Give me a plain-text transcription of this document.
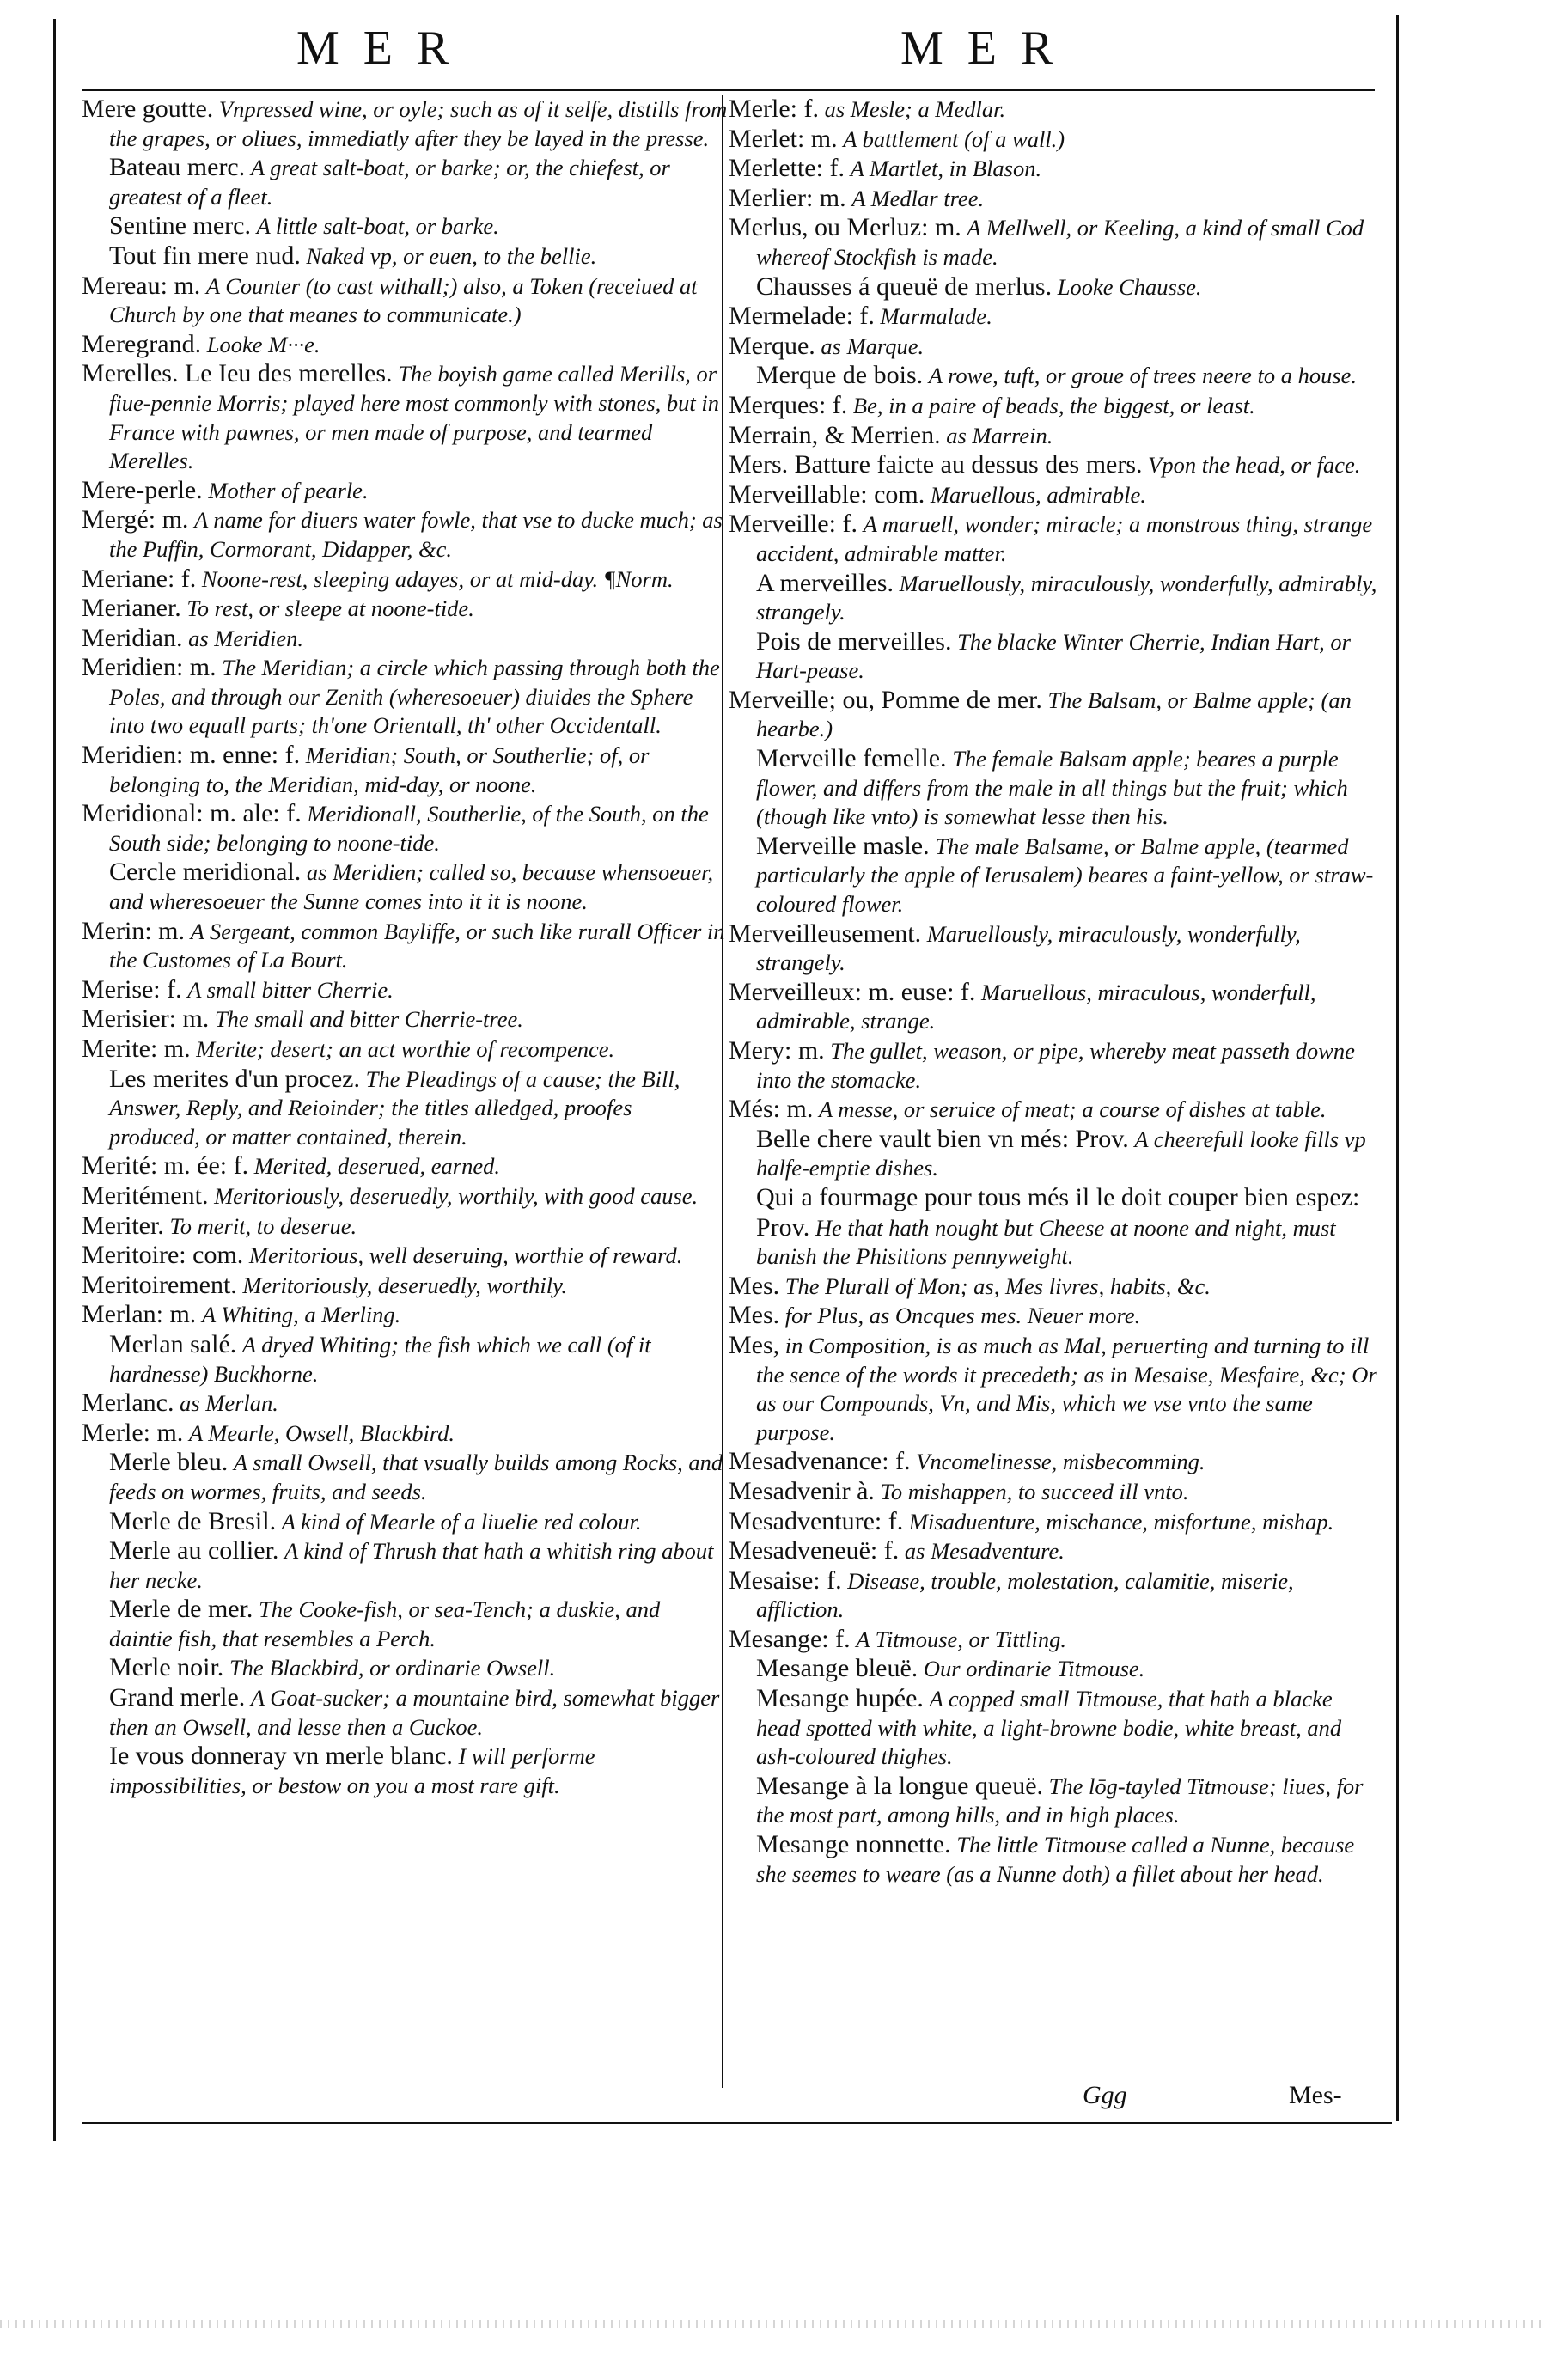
MER	MER

Mere goutte. Vnpressed wine, or oyle; such as of it selfe, distills from the grapes, or oliues, immediatly after they be layed in the presse.

Bateau merc. A great salt-boat, or barke; or, the chiefest, or greatest of a fleet.

Sentine merc. A little salt-boat, or barke.

Tout fin mere nud. Naked vp, or euen, to the bellie.

Mereau: m. A Counter (to cast withall;) also, a Token (receiued at Church by one that meanes to communicate.)

Meregrand. Looke M···e.

Merelles. Le Ieu des merelles. The boyish game called Merills, or fiue-pennie Morris; played here most commonly with stones, but in France with pawnes, or men made of purpose, and tearmed Merelles.

Mere-perle. Mother of pearle.

Mergé: m. A name for diuers water fowle, that vse to ducke much; as the Puffin, Cormorant, Didapper, &c.

Meriane: f. Noone-rest, sleeping adayes, or at mid-day. ¶Norm.

Merianer. To rest, or sleepe at noone-tide.

Meridian. as Meridien.

Meridien: m. The Meridian; a circle which passing through both the Poles, and through our Zenith (wheresoeuer) diuides the Sphere into two equall parts; th'one Orientall, th' other Occidentall.

Meridien: m. enne: f. Meridian; South, or Southerlie; of, or belonging to, the Meridian, mid-day, or noone.

Meridional: m. ale: f. Meridionall, Southerlie, of the South, on the South side; belonging to noone-tide.

Cercle meridional. as Meridien; called so, because whensoeuer, and wheresoeuer the Sunne comes into it it is noone.

Merin: m. A Sergeant, common Bayliffe, or such like rurall Officer in the Customes of La Bourt.

Merise: f. A small bitter Cherrie.

Merisier: m. The small and bitter Cherrie-tree.

Merite: m. Merite; desert; an act worthie of recompence.

Les merites d'un procez. The Pleadings of a cause; the Bill, Answer, Reply, and Reioinder; the titles alledged, proofes produced, or matter contained, therein.

Merité: m. ée: f. Merited, deserued, earned.

Meritément. Meritoriously, deseruedly, worthily, with good cause.

Meriter. To merit, to deserue.

Meritoire: com. Meritorious, well deseruing, worthie of reward.

Meritoirement. Meritoriously, deseruedly, worthily.

Merlan: m. A Whiting, a Merling.

Merlan salé. A dryed Whiting; the fish which we call (of it hardnesse) Buckhorne.

Merlanc. as Merlan.

Merle: m. A Mearle, Owsell, Blackbird.

Merle bleu. A small Owsell, that vsually builds among Rocks, and feeds on wormes, fruits, and seeds.

Merle de Bresil. A kind of Mearle of a liuelie red colour.

Merle au collier. A kind of Thrush that hath a whitish ring about her necke.

Merle de mer. The Cooke-fish, or sea-Tench; a duskie, and daintie fish, that resembles a Perch.

Merle noir. The Blackbird, or ordinarie Owsell.

Grand merle. A Goat-sucker; a mountaine bird, somewhat bigger then an Owsell, and lesse then a Cuckoe.

Ie vous donneray vn merle blanc. I will performe impossibilities, or bestow on you a most rare gift.

Merle: f. as Mesle; a Medlar.

Merlet: m. A battlement (of a wall.)

Merlette: f. A Martlet, in Blason.

Merlier: m. A Medlar tree.

Merlus, ou Merluz: m. A Mellwell, or Keeling, a kind of small Cod whereof Stockfish is made.

Chausses á queuë de merlus. Looke Chausse.

Mermelade: f. Marmalade.

Merque. as Marque.

Merque de bois. A rowe, tuft, or groue of trees neere to a house.

Merques: f. Be, in a paire of beads, the biggest, or least.

Merrain, & Merrien. as Marrein.

Mers. Batture faicte au dessus des mers. Vpon the head, or face.

Merveillable: com. Maruellous, admirable.

Merveille: f. A maruell, wonder; miracle; a monstrous thing, strange accident, admirable matter.

A merveilles. Maruellously, miraculously, wonderfully, admirably, strangely.

Pois de merveilles. The blacke Winter Cherrie, Indian Hart, or Hart-pease.

Merveille; ou, Pomme de mer. The Balsam, or Balme apple; (an hearbe.)

Merveille femelle. The female Balsam apple; beares a purple flower, and differs from the male in all things but the fruit; which (though like vnto) is somewhat lesse then his.

Merveille masle. The male Balsame, or Balme apple, (tearmed particularly the apple of Ierusalem) beares a faint-yellow, or straw-coloured flower.

Merveilleusement. Maruellously, miraculously, wonderfully, strangely.

Merveilleux: m. euse: f. Maruellous, miraculous, wonderfull, admirable, strange.

Mery: m. The gullet, weason, or pipe, whereby meat passeth downe into the stomacke.

Més: m. A messe, or seruice of meat; a course of dishes at table.

Belle chere vault bien vn més: Prov. A cheerefull looke fills vp halfe-emptie dishes.

Qui a fourmage pour tous més il le doit couper bien espez: Prov. He that hath nought but Cheese at noone and night, must banish the Phisitions pennyweight.

Mes. The Plurall of Mon; as, Mes livres, habits, &c.

Mes. for Plus, as Oncques mes. Neuer more.

Mes, in Composition, is as much as Mal, peruerting and turning to ill the sence of the words it precedeth; as in Mesaise, Mesfaire, &c; Or as our Compounds, Vn, and Mis, which we vse vnto the same purpose.

Mesadvenance: f. Vncomelinesse, misbecomming.

Mesadvenir à. To mishappen, to succeed ill vnto.

Mesadventure: f. Misaduenture, mischance, misfortune, mishap.

Mesadveneuë: f. as Mesadventure.

Mesaise: f. Disease, trouble, molestation, calamitie, miserie, affliction.

Mesange: f. A Titmouse, or Tittling.

Mesange bleuë. Our ordinarie Titmouse.

Mesange hupée. A copped small Titmouse, that hath a blacke head spotted with white, a light-browne bodie, white breast, and ash-coloured thighes.

Mesange à la longue queuë. The lōg-tayled Titmouse; liues, for the most part, among hills, and in high places.

Mesange nonnette. The little Titmouse called a Nunne, because she seemes to weare (as a Nunne doth) a fillet about her head.

Ggg	Mes-
